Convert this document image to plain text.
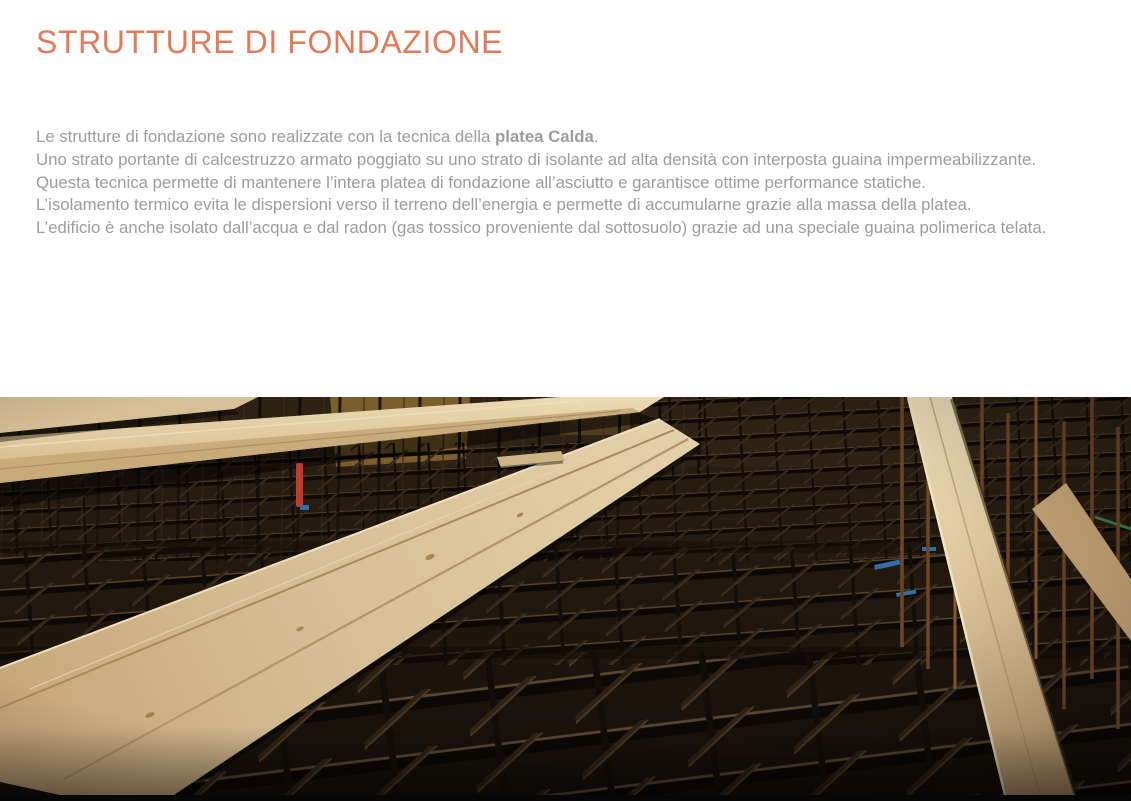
STRUTTURE DI FONDAZIONE

Le strutture di fondazione sono realizzate con la tecnica della platea Calda.
Uno strato portante di calcestruzzo armato poggiato su uno strato di isolante ad alta densità con interposta guaina impermeabilizzante.
Questa tecnica permette di mantenere l’intera platea di fondazione all’asciutto e garantisce ottime performance statiche.
L’isolamento termico evita le dispersioni verso il terreno dell’energia e permette di accumularne grazie alla massa della platea.
L’edificio è anche isolato dall’acqua e dal radon (gas tossico proveniente dal sottosuolo) grazie ad una speciale guaina polimerica telata.
